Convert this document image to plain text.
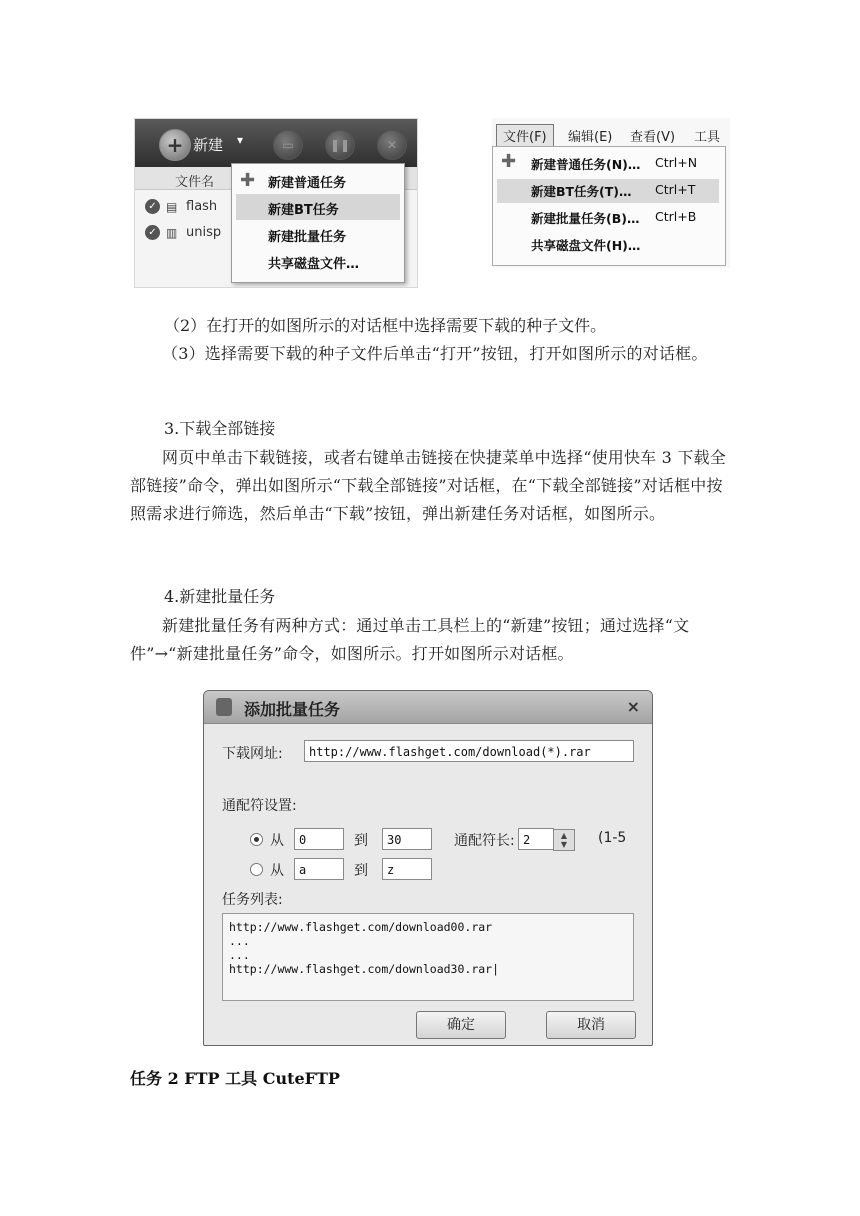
+ 新建 ▾	▭	❚❚	✕
文件名
✓ ▤ flash
✓ ▥ unisp
✚ 新建普通任务
新建BT任务
新建批量任务
共享磁盘文件…
文件(F)	编辑(E) 查看(V) 工具
✚ 新建普通任务(N)… Ctrl+N
新建BT任务(T)… Ctrl+T
新建批量任务(B)… Ctrl+B
共享磁盘文件(H)…
（2）在打开的如图所示的对话框中选择需要下载的种子文件。
（3）选择需要下载的种子文件后单击“打开”按钮，打开如图所示的对话框。
3.下载全部链接
网页中单击下载链接，或者右键单击链接在快捷菜单中选择“使用快车 3 下载全部链接”命令，弹出如图所示“下载全部链接”对话框，在“下载全部链接”对话框中按照需求进行筛选，然后单击“下载”按钮，弹出新建任务对话框，如图所示。
4.新建批量任务
新建批量任务有两种方式：通过单击工具栏上的“新建”按钮；通过选择“文件”→“新建批量任务”命令，如图所示。打开如图所示对话框。
添加批量任务	×
下载网址:	http://www.flashget.com/download(*).rar
通配符设置:
从	0	到	30	通配符长: 2	▲
▼	(1-5
从	a	到	z
任务列表:
http://www.flashget.com/download00.rar
...
...
http://www.flashget.com/download30.rar|
确定	取消
任务 2 FTP 工具 CuteFTP
